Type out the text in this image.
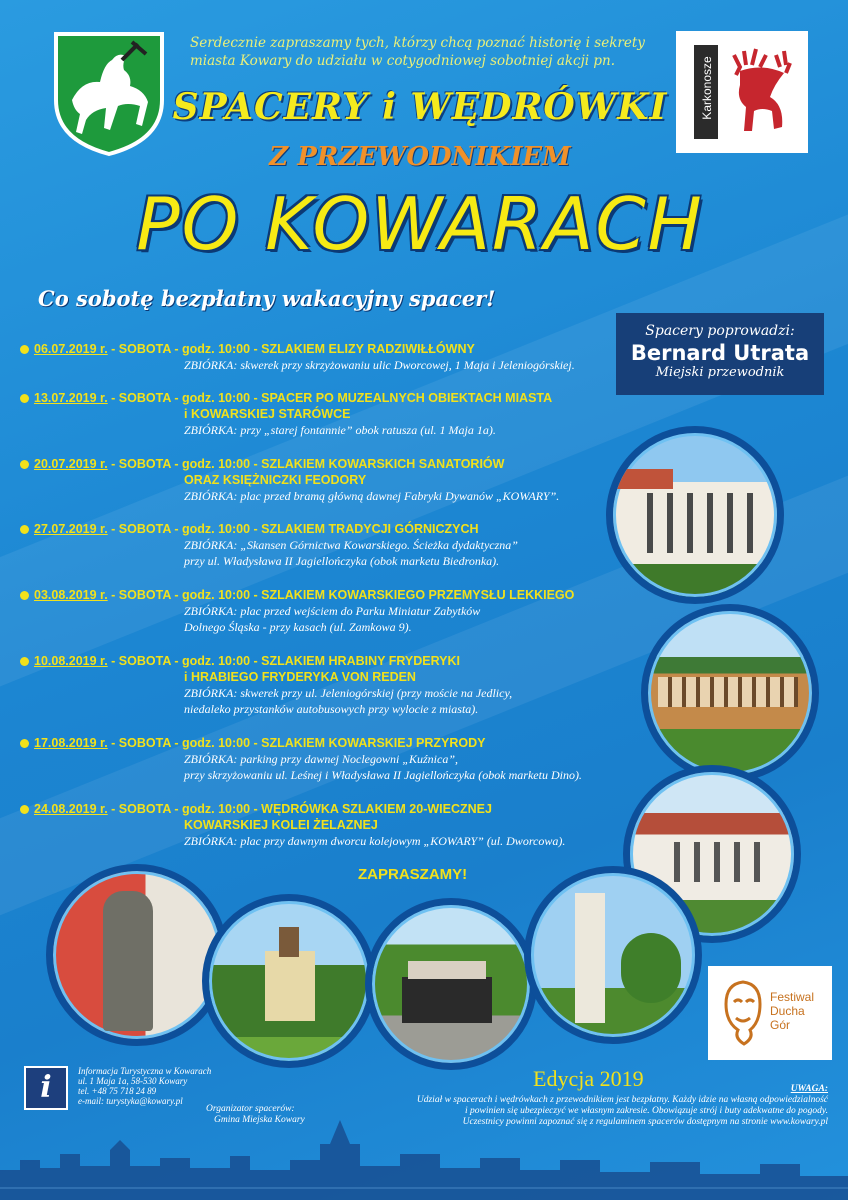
Serdecznie zapraszamy tych, którzy chcą poznać historię i sekrety
miasta Kowary do udziału w cotygodniowej sobotniej akcji pn.	Karkonosze
SPACERY i WĘDRÓWKI
Z PRZEWODNIKIEM
PO KOWARACH
Co sobotę bezpłatny wakacyjny spacer!
Spacery poprowadzi:
Bernard Utrata
Miejski przewodnik
06.07.2019 r. - SOBOTA - godz. 10:00 - SZLAKIEM ELIZY RADZIWIŁŁÓWNY
ZBIÓRKA: skwerek przy skrzyżowaniu ulic Dworcowej, 1 Maja i Jeleniogórskiej.
13.07.2019 r. - SOBOTA - godz. 10:00 - SPACER PO MUZEALNYCH OBIEKTACH MIASTA
i KOWARSKIEJ STARÓWCE
ZBIÓRKA: przy „starej fontannie” obok ratusza (ul. 1 Maja 1a).
20.07.2019 r. - SOBOTA - godz. 10:00 - SZLAKIEM KOWARSKICH SANATORIÓW
ORAZ KSIĘŻNICZKI FEODORY
ZBIÓRKA: plac przed bramą główną dawnej Fabryki Dywanów „KOWARY”.
27.07.2019 r. - SOBOTA - godz. 10:00 - SZLAKIEM TRADYCJI GÓRNICZYCH
ZBIÓRKA: „Skansen Górnictwa Kowarskiego. Ścieżka dydaktyczna”
przy ul. Władysława II Jagiellończyka (obok marketu Biedronka).
03.08.2019 r. - SOBOTA - godz. 10:00 - SZLAKIEM KOWARSKIEGO PRZEMYSŁU LEKKIEGO
ZBIÓRKA: plac przed wejściem do Parku Miniatur Zabytków
Dolnego Śląska - przy kasach (ul. Zamkowa 9).
10.08.2019 r. - SOBOTA - godz. 10:00 - SZLAKIEM HRABINY FRYDERYKI
i HRABIEGO FRYDERYKA VON REDEN
ZBIÓRKA: skwerek przy ul. Jeleniogórskiej (przy moście na Jedlicy,
niedaleko przystanków autobusowych przy wylocie z miasta).
17.08.2019 r. - SOBOTA - godz. 10:00 - SZLAKIEM KOWARSKIEJ PRZYRODY
ZBIÓRKA: parking przy dawnej Noclegowni „Kuźnica”,
przy skrzyżowaniu ul. Leśnej i Władysława II Jagiellończyka (obok marketu Dino).
24.08.2019 r. - SOBOTA - godz. 10:00 - WĘDRÓWKA SZLAKIEM 20-WIECZNEJ
KOWARSKIEJ KOLEI ŻELAZNEJ
ZBIÓRKA: plac przy dawnym dworcu kolejowym „KOWARY” (ul. Dworcowa).
ZAPRASZAMY!
Festiwal
Ducha
Gór
Edycja 2019
i	Informacja Turystyczna w Kowarach
ul. 1 Maja 1a, 58-530 Kowary
tel. +48 75 718 24 89
e-mail: turystyka@kowary.pl
Organizator spacerów:
Gmina Miejska Kowary
UWAGA:
Udział w spacerach i wędrówkach z przewodnikiem jest bezpłatny. Każdy idzie na własną odpowiedzialność
i powinien się ubezpieczyć we własnym zakresie. Obowiązuje strój i buty adekwatne do pogody.
Uczestnicy powinni zapoznać się z regulaminem spacerów dostępnym na stronie www.kowary.pl
